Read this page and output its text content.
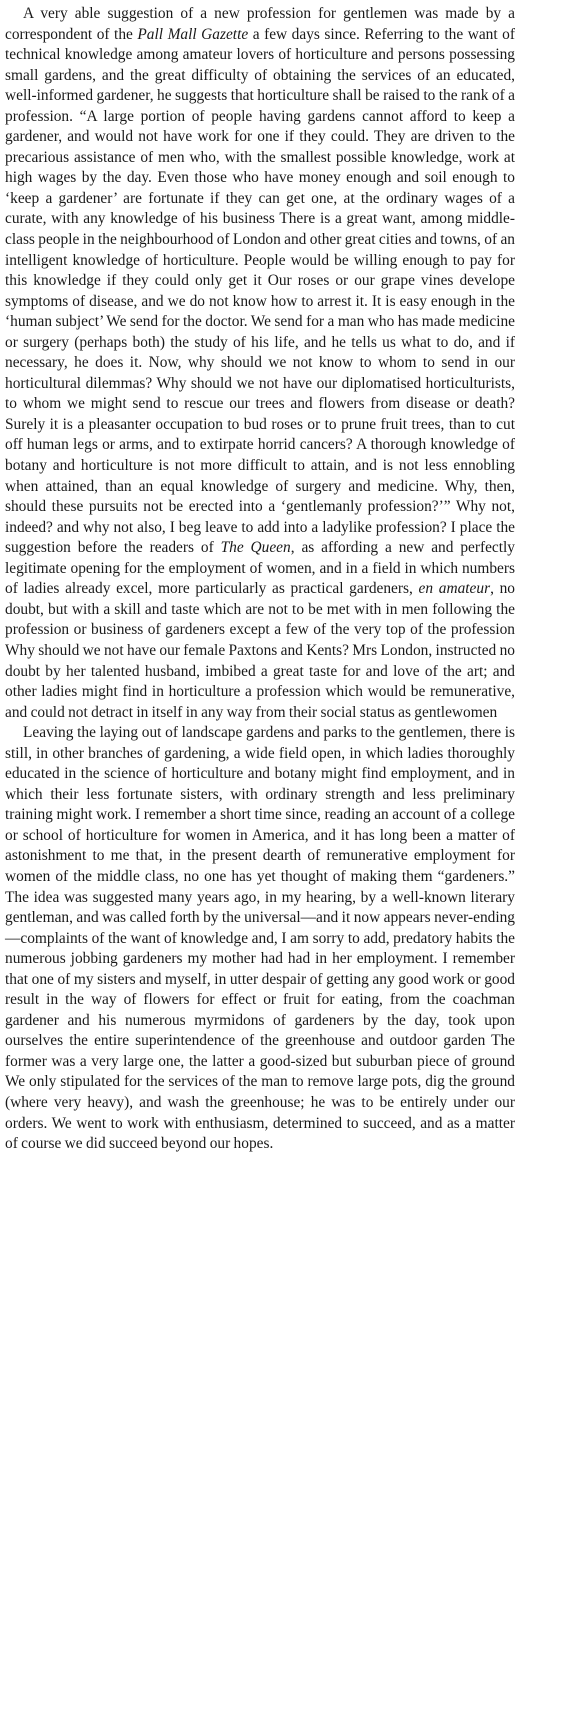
A very able suggestion of a new profession for gentlemen was made by a correspondent of the Pall Mall Gazette a few days since. Referring to the want of technical knowledge among amateur lovers of horticulture and persons possessing small gardens, and the great difficulty of obtaining the services of an educated, well-informed gardener, he suggests that horticulture shall be raised to the rank of a profession. “A large portion of people having gardens cannot afford to keep a gardener, and would not have work for one if they could. They are driven to the precarious assistance of men who, with the smallest possible knowledge, work at high wages by the day. Even those who have money enough and soil enough to ‘keep a gardener’ are fortunate if they can get one, at the ordinary wages of a curate, with any knowledge of his business There is a great want, among middle-class people in the neighbourhood of London and other great cities and towns, of an intelligent knowledge of horticulture. People would be willing enough to pay for this knowledge if they could only get it Our roses or our grape vines develope symptoms of disease, and we do not know how to arrest it. It is easy enough in the ‘human subject’ We send for the doctor. We send for a man who has made medicine or surgery (perhaps both) the study of his life, and he tells us what to do, and if necessary, he does it. Now, why should we not know to whom to send in our horticultural dilemmas? Why should we not have our diplomatised horticulturists, to whom we might send to rescue our trees and flowers from disease or death? Surely it is a pleasanter occupation to bud roses or to prune fruit trees, than to cut off human legs or arms, and to extirpate horrid cancers? A thorough knowledge of botany and horticulture is not more difficult to attain, and is not less ennobling when attained, than an equal knowledge of surgery and medicine. Why, then, should these pursuits not be erected into a ‘gentlemanly profession?’” Why not, indeed? and why not also, I beg leave to add into a ladylike profession? I place the suggestion before the readers of The Queen, as affording a new and perfectly legitimate opening for the employment of women, and in a field in which numbers of ladies already excel, more particularly as practical gardeners, en amateur, no doubt, but with a skill and taste which are not to be met with in men following the profession or business of gardeners except a few of the very top of the profession Why should we not have our female Paxtons and Kents? Mrs London, instructed no doubt by her talented husband, imbibed a great taste for and love of the art; and other ladies might find in horticulture a profession which would be remunerative, and could not detract in itself in any way from their social status as gentlewomen

Leaving the laying out of landscape gardens and parks to the gentlemen, there is still, in other branches of gardening, a wide field open, in which ladies thoroughly educated in the science of horticulture and botany might find employment, and in which their less fortunate sisters, with ordinary strength and less preliminary training might work. I remember a short time since, reading an account of a college or school of horticulture for women in America, and it has long been a matter of astonishment to me that, in the present dearth of remunerative employment for women of the middle class, no one has yet thought of making them “gardeners.” The idea was suggested many years ago, in my hearing, by a well-known literary gentleman, and was called forth by the universal—and it now appears never-ending—complaints of the want of knowledge and, I am sorry to add, predatory habits the numerous jobbing gardeners my mother had had in her employment. I remember that one of my sisters and myself, in utter despair of getting any good work or good result in the way of flowers for effect or fruit for eating, from the coachman gardener and his numerous myrmidons of gardeners by the day, took upon ourselves the entire superintendence of the greenhouse and outdoor garden The former was a very large one, the latter a good-sized but suburban piece of ground We only stipulated for the services of the man to remove large pots, dig the ground (where very heavy), and wash the greenhouse; he was to be entirely under our orders. We went to work with enthusiasm, determined to succeed, and as a matter of course we did succeed beyond our hopes.
